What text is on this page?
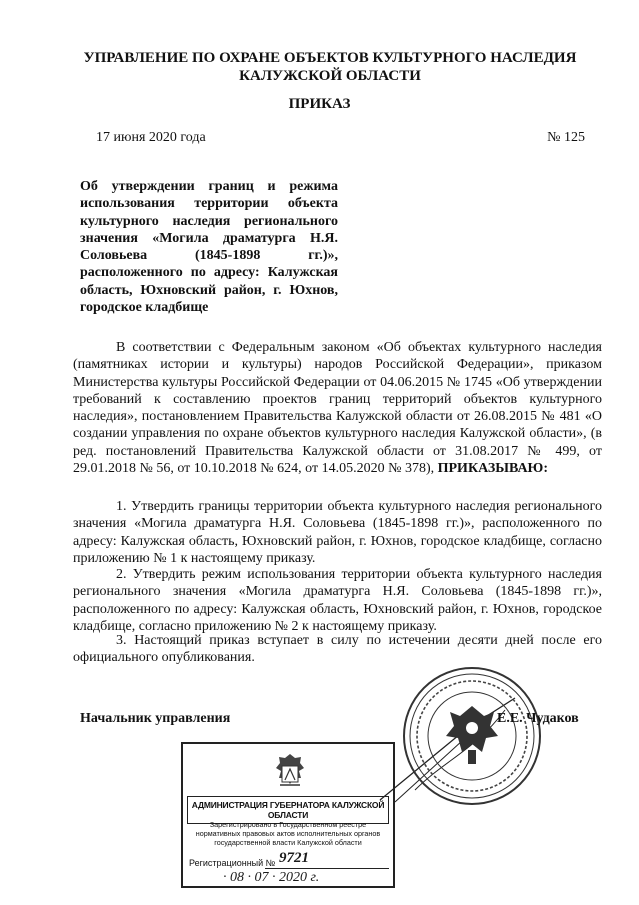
УПРАВЛЕНИЕ ПО ОХРАНЕ ОБЪЕКТОВ КУЛЬТУРНОГО НАСЛЕДИЯ
КАЛУЖСКОЙ ОБЛАСТИ
ПРИКАЗ
17 июня 2020 года	№ 125
Об утверждении границ и режима использования территории объекта культурного наследия регионального значения «Могила драматурга Н.Я. Соловьева (1845-1898 гг.)», расположенного по адресу: Калужская область, Юхновский район, г. Юхнов, городское кладбище
В соответствии с Федеральным законом «Об объектах культурного наследия (памятниках истории и культуры) народов Российской Федерации», приказом Министерства культуры Российской Федерации от 04.06.2015 № 1745 «Об утверждении требований к составлению проектов границ территорий объектов культурного наследия», постановлением Правительства Калужской области от 26.08.2015 № 481 «О создании управления по охране объектов культурного наследия Калужской области», (в ред. постановлений Правительства Калужской области от 31.08.2017 № 499, от 29.01.2018 № 56, от 10.10.2018 № 624, от 14.05.2020 № 378), ПРИКАЗЫВАЮ:
1. Утвердить границы территории объекта культурного наследия регионального значения «Могила драматурга Н.Я. Соловьева (1845-1898 гг.)», расположенного по адресу: Калужская область, Юхновский район, г. Юхнов, городское кладбище, согласно приложению № 1 к настоящему приказу.
2. Утвердить режим использования территории объекта культурного наследия регионального значения «Могила драматурга Н.Я. Соловьева (1845-1898 гг.)», расположенного по адресу: Калужская область, Юхновский район, г. Юхнов, городское кладбище, согласно приложению № 2 к настоящему приказу.
3. Настоящий приказ вступает в силу по истечении десяти дней после его официального опубликования.
Начальник управления	Е.Е. Чудаков
АДМИНИСТРАЦИЯ ГУБЕРНАТОРА КАЛУЖСКОЙ ОБЛАСТИ
Зарегистрировано в Государственном реестре нормативных правовых актов исполнительных органов государственной власти Калужской области
Регистрационный № 9721
· 08 · 07 · 2020 г.
